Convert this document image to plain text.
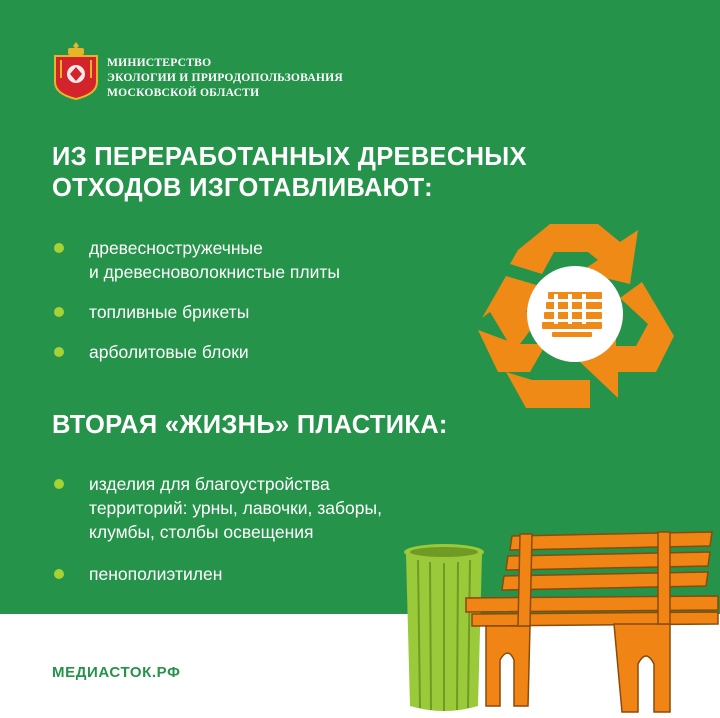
МИНИСТЕРСТВО
ЭКОЛОГИИ И ПРИРОДОПОЛЬЗОВАНИЯ
МОСКОВСКОЙ ОБЛАСТИ
ИЗ ПЕРЕРАБОТАННЫХ ДРЕВЕСНЫХ
ОТХОДОВ ИЗГОТАВЛИВАЮТ:
древесностружечные
и древесноволокнистые плиты
топливные брикеты
арболитовые блоки
ВТОРАЯ «ЖИЗНЬ» ПЛАСТИКА:
изделия для благоустройства
территорий: урны, лавочки, заборы,
клумбы, столбы освещения
пенополиэтилен
МЕДИАСТОК.РФ
